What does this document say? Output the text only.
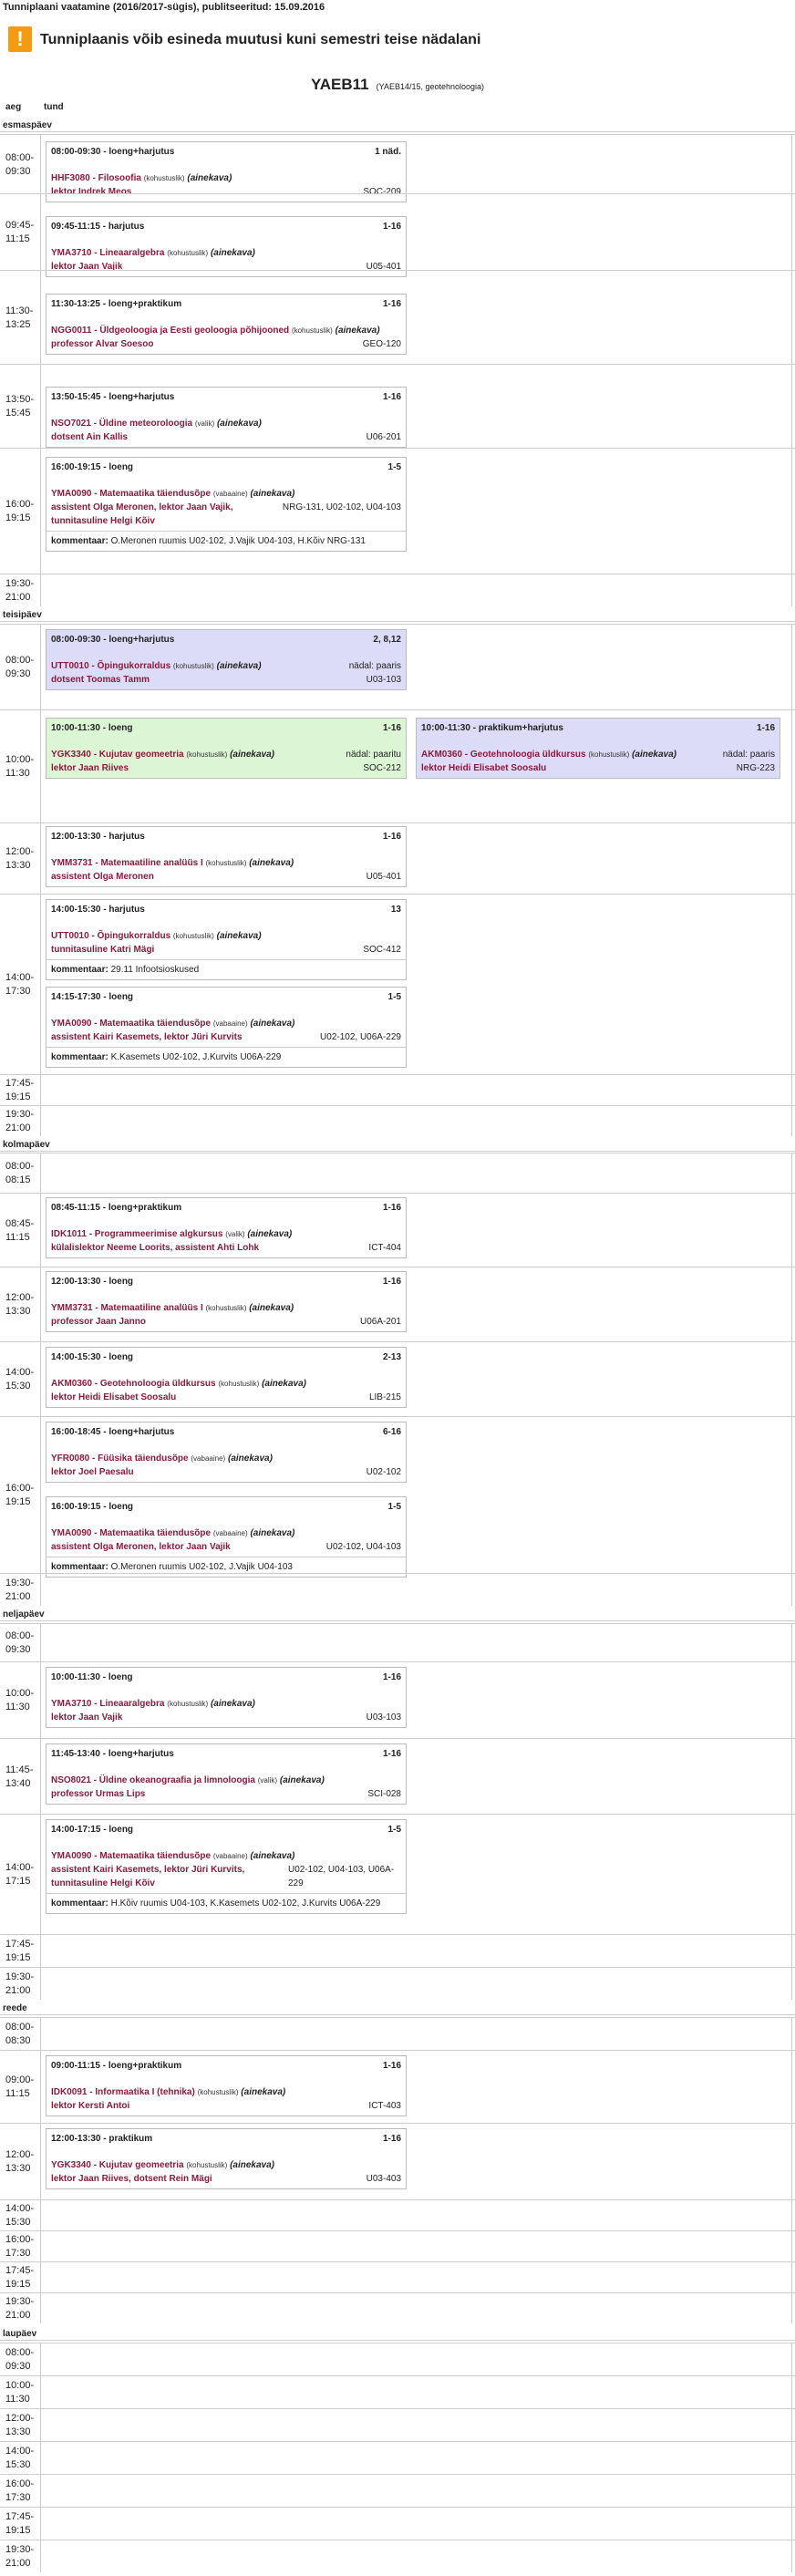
Tunniplaani vaatamine (2016/2017-sügis), publitseeritud: 15.09.2016
!	Tunniplaanis võib esineda muutusi kuni semestri teise nädalani
YAEB11 (YAEB14/15, geotehnoloogia)
aeg tund
esmaspäev
08:00- 09:30
08:00-09:30 - loeng+harjutus	1 näd.
HHF3080 - Filosoofia (kohustuslik) (ainekava)
lektor Indrek Meos	SOC-209
09:45- 11:15
09:45-11:15 - harjutus	1-16
YMA3710 - Lineaaralgebra (kohustuslik) (ainekava)
lektor Jaan Vajik	U05-401
11:30- 13:25
11:30-13:25 - loeng+praktikum	1-16
NGG0011 - Üldgeoloogia ja Eesti geoloogia põhijooned (kohustuslik) (ainekava)
professor Alvar Soesoo	GEO-120
13:50- 15:45
13:50-15:45 - loeng+harjutus	1-16
NSO7021 - Üldine meteoroloogia (valik) (ainekava)
dotsent Ain Kallis	U06-201
16:00- 19:15
16:00-19:15 - loeng	1-5
YMA0090 - Matemaatika täiendusõpe (vabaaine) (ainekava)
assistent Olga Meronen, lektor Jaan Vajik, tunnitasuline Helgi Kõiv
NRG-131, U02-102, U04-103
kommentaar: O.Meronen ruumis U02-102, J.Vajik U04-103, H.Kõiv NRG-131
19:30- 21:00
teisipäev
08:00- 09:30
08:00-09:30 - loeng+harjutus	2, 8,12
UTT0010 - Õpingukorraldus (kohustuslik) (ainekava)	nädal: paaris
dotsent Toomas Tamm	U03-103
10:00- 11:30
10:00-11:30 - loeng	1-16
YGK3340 - Kujutav geomeetria (kohustuslik) (ainekava)	nädal: paaritu
lektor Jaan Riives	SOC-212
10:00-11:30 - praktikum+harjutus	1-16
AKM0360 - Geotehnoloogia üldkursus (kohustuslik) (ainekava)	nädal: paaris
lektor Heidi Elisabet Soosalu	NRG-223
12:00- 13:30
12:00-13:30 - harjutus	1-16
YMM3731 - Matemaatiline analüüs I (kohustuslik) (ainekava)
assistent Olga Meronen	U05-401
14:00- 17:30
14:00-15:30 - harjutus	13
UTT0010 - Õpingukorraldus (kohustuslik) (ainekava)
tunnitasuline Katri Mägi	SOC-412
kommentaar: 29.11 Infootsioskused
14:15-17:30 - loeng	1-5
YMA0090 - Matemaatika täiendusõpe (vabaaine) (ainekava)
assistent Kairi Kasemets, lektor Jüri Kurvits	U02-102, U06A-229
kommentaar: K.Kasemets U02-102, J.Kurvits U06A-229
17:45- 19:15
19:30- 21:00
kolmapäev
08:00- 08:15
08:45- 11:15
08:45-11:15 - loeng+praktikum	1-16
IDK1011 - Programmeerimise algkursus (valik) (ainekava)
külalislektor Neeme Loorits, assistent Ahti Lohk	ICT-404
12:00- 13:30
12:00-13:30 - loeng	1-16
YMM3731 - Matemaatiline analüüs I (kohustuslik) (ainekava)
professor Jaan Janno	U06A-201
14:00- 15:30
14:00-15:30 - loeng	2-13
AKM0360 - Geotehnoloogia üldkursus (kohustuslik) (ainekava)
lektor Heidi Elisabet Soosalu	LIB-215
16:00- 19:15
16:00-18:45 - loeng+harjutus	6-16
YFR0080 - Füüsika täiendusõpe (vabaaine) (ainekava)
lektor Joel Paesalu	U02-102
16:00-19:15 - loeng	1-5
YMA0090 - Matemaatika täiendusõpe (vabaaine) (ainekava)
assistent Olga Meronen, lektor Jaan Vajik	U02-102, U04-103
kommentaar: O.Meronen ruumis U02-102, J.Vajik U04-103
19:30- 21:00
neljapäev
08:00- 09:30
10:00- 11:30
10:00-11:30 - loeng	1-16
YMA3710 - Lineaaralgebra (kohustuslik) (ainekava)
lektor Jaan Vajik	U03-103
11:45- 13:40
11:45-13:40 - loeng+harjutus	1-16
NSO8021 - Üldine okeanograafia ja limnoloogia (valik) (ainekava)
professor Urmas Lips	SCI-028
14:00- 17:15
14:00-17:15 - loeng	1-5
YMA0090 - Matemaatika täiendusõpe (vabaaine) (ainekava)
assistent Kairi Kasemets, lektor Jüri Kurvits, tunnitasuline Helgi Kõiv
U02-102, U04-103, U06A-229
kommentaar: H.Kõiv ruumis U04-103, K.Kasemets U02-102, J.Kurvits U06A-229
17:45- 19:15
19:30- 21:00
reede
08:00- 08:30
09:00- 11:15
09:00-11:15 - loeng+praktikum	1-16
IDK0091 - Informaatika I (tehnika) (kohustuslik) (ainekava)
lektor Kersti Antoi	ICT-403
12:00- 13:30
12:00-13:30 - praktikum	1-16
YGK3340 - Kujutav geomeetria (kohustuslik) (ainekava)
lektor Jaan Riives, dotsent Rein Mägi	U03-403
14:00- 15:30
16:00- 17:30
17:45- 19:15
19:30- 21:00
laupäev
08:00- 09:30
10:00- 11:30
12:00- 13:30
14:00- 15:30
16:00- 17:30
17:45- 19:15
19:30- 21:00
